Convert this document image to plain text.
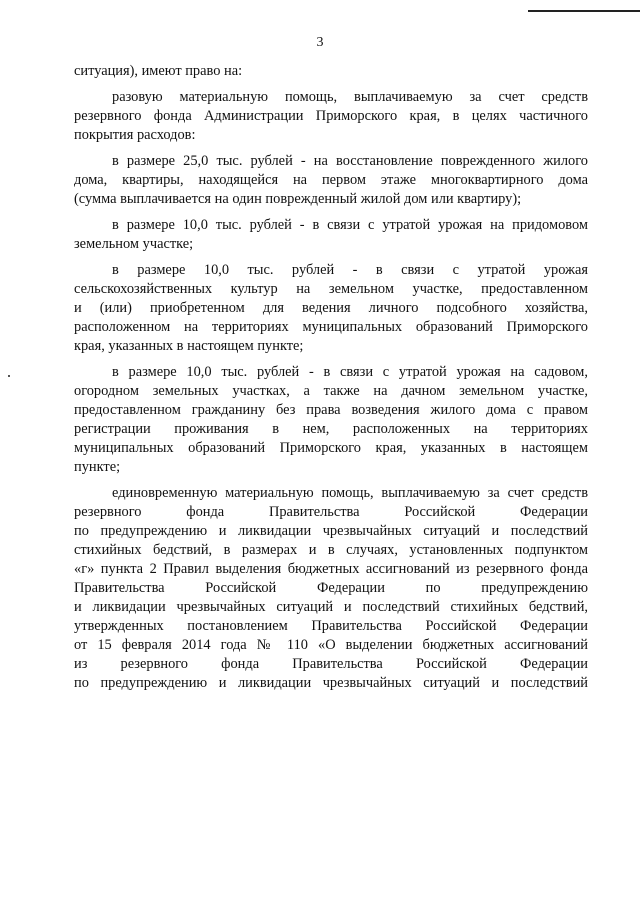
3
ситуация), имеют право на:
разовую материальную помощь, выплачиваемую за счет средств
резервного фонда Администрации Приморского края, в целях частичного
покрытия расходов:
в размере 25,0 тыс. рублей - на восстановление поврежденного жилого
дома, квартиры, находящейся на первом этаже многоквартирного дома
(сумма выплачивается на один поврежденный жилой дом или квартиру);
в размере 10,0 тыс. рублей - в связи с утратой урожая на придомовом
земельном участке;
в размере 10,0 тыс. рублей - в связи с утратой урожая
сельскохозяйственных культур на земельном участке, предоставленном
и (или) приобретенном для ведения личного подсобного хозяйства,
расположенном на территориях муниципальных образований Приморского
края, указанных в настоящем пункте;
в размере 10,0 тыс. рублей - в связи с утратой урожая на садовом,
огородном земельных участках, а также на дачном земельном участке,
предоставленном гражданину без права возведения жилого дома с правом
регистрации проживания в нем, расположенных на территориях
муниципальных образований Приморского края, указанных в настоящем
пункте;
единовременную материальную помощь, выплачиваемую за счет средств
резервного фонда Правительства Российской Федерации
по предупреждению и ликвидации чрезвычайных ситуаций и последствий
стихийных бедствий, в размерах и в случаях, установленных подпунктом
«г» пункта 2 Правил выделения бюджетных ассигнований из резервного фонда
Правительства Российской Федерации по предупреждению
и ликвидации чрезвычайных ситуаций и последствий стихийных бедствий,
утвержденных постановлением Правительства Российской Федерации
от 15 февраля 2014 года № 110 «О выделении бюджетных ассигнований
из резервного фонда Правительства Российской Федерации
по предупреждению и ликвидации чрезвычайных ситуаций и последствий
